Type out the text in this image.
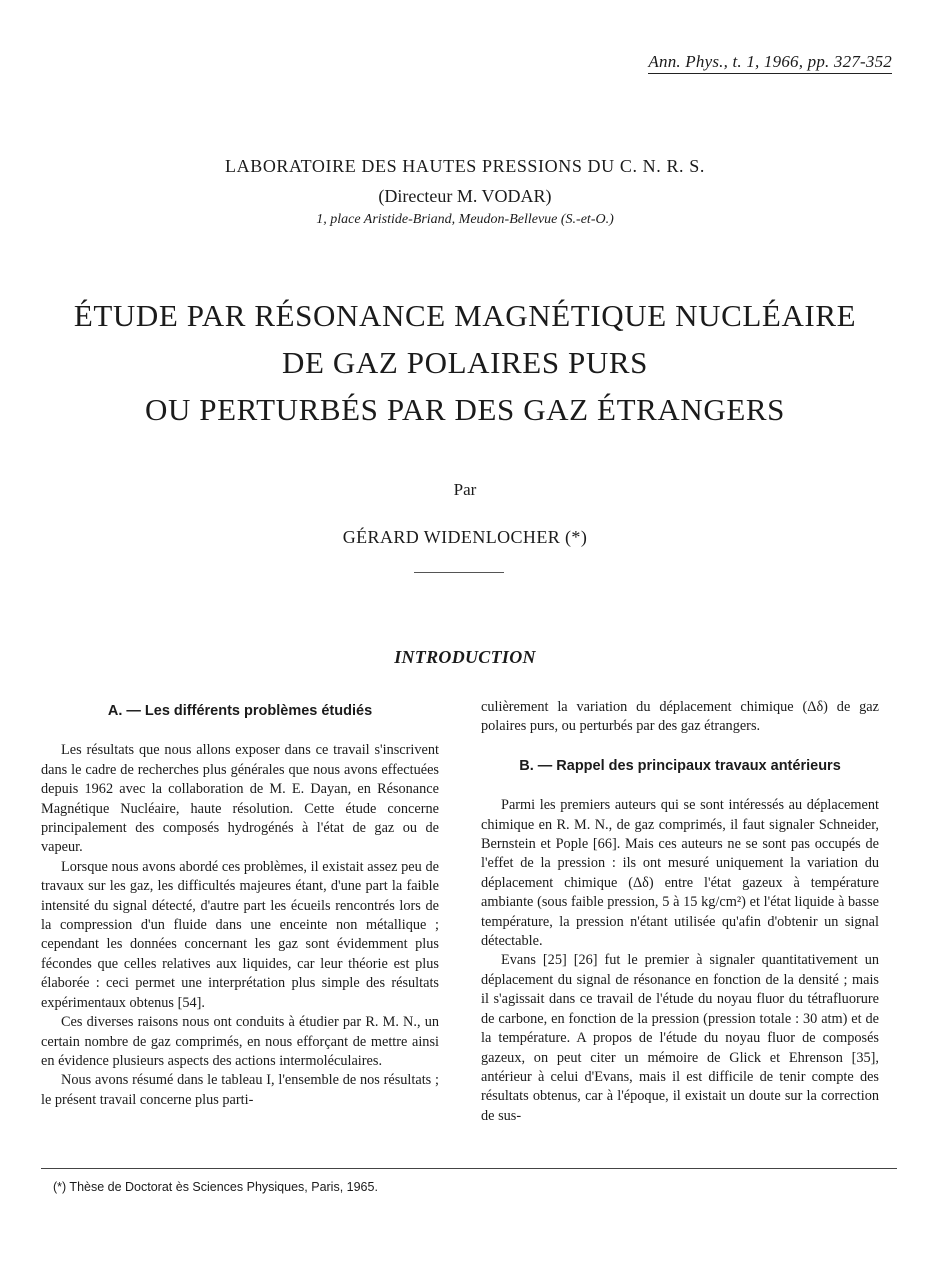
Ann. Phys., t. 1, 1966, pp. 327-352
LABORATOIRE DES HAUTES PRESSIONS DU C. N. R. S.
(Directeur M. VODAR)
1, place Aristide-Briand, Meudon-Bellevue (S.-et-O.)
ÉTUDE PAR RÉSONANCE MAGNÉTIQUE NUCLÉAIRE
DE GAZ POLAIRES PURS
OU PERTURBÉS PAR DES GAZ ÉTRANGERS
Par
GÉRARD WIDENLOCHER (*)
INTRODUCTION
A. — Les différents problèmes étudiés

Les résultats que nous allons exposer dans ce travail s'inscrivent dans le cadre de recherches plus générales que nous avons effectuées depuis 1962 avec la collaboration de M. E. Dayan, en Résonance Magnétique Nucléaire, haute résolution. Cette étude concerne principalement des composés hydrogénés à l'état de gaz ou de vapeur.

Lorsque nous avons abordé ces problèmes, il existait assez peu de travaux sur les gaz, les difficultés majeures étant, d'une part la faible intensité du signal détecté, d'autre part les écueils rencontrés lors de la compression d'un fluide dans une enceinte non métallique ; cependant les données concernant les gaz sont évidemment plus fécondes que celles relatives aux liquides, car leur théorie est plus élaborée : ceci permet une interprétation plus simple des résultats expérimentaux obtenus [54].

Ces diverses raisons nous ont conduits à étudier par R. M. N., un certain nombre de gaz comprimés, en nous efforçant de mettre ainsi en évidence plusieurs aspects des actions intermoléculaires.

Nous avons résumé dans le tableau I, l'ensemble de nos résultats ; le présent travail concerne plus parti-

culièrement la variation du déplacement chimique (Δδ) de gaz polaires purs, ou perturbés par des gaz étrangers.

B. — Rappel des principaux travaux antérieurs

Parmi les premiers auteurs qui se sont intéressés au déplacement chimique en R. M. N., de gaz comprimés, il faut signaler Schneider, Bernstein et Pople [66]. Mais ces auteurs ne se sont pas occupés de l'effet de la pression : ils ont mesuré uniquement la variation du déplacement chimique (Δδ) entre l'état gazeux à température ambiante (sous faible pression, 5 à 15 kg/cm²) et l'état liquide à basse température, la pression n'étant utilisée qu'afin d'obtenir un signal détectable.

Evans [25] [26] fut le premier à signaler quantitativement un déplacement du signal de résonance en fonction de la densité ; mais il s'agissait dans ce travail de l'étude du noyau fluor du tétrafluorure de carbone, en fonction de la pression (pression totale : 30 atm) et de la température. A propos de l'étude du noyau fluor de composés gazeux, on peut citer un mémoire de Glick et Ehrenson [35], antérieur à celui d'Evans, mais il est difficile de tenir compte des résultats obtenus, car à l'époque, il existait un doute sur la correction de sus-

(*) Thèse de Doctorat ès Sciences Physiques, Paris, 1965.
